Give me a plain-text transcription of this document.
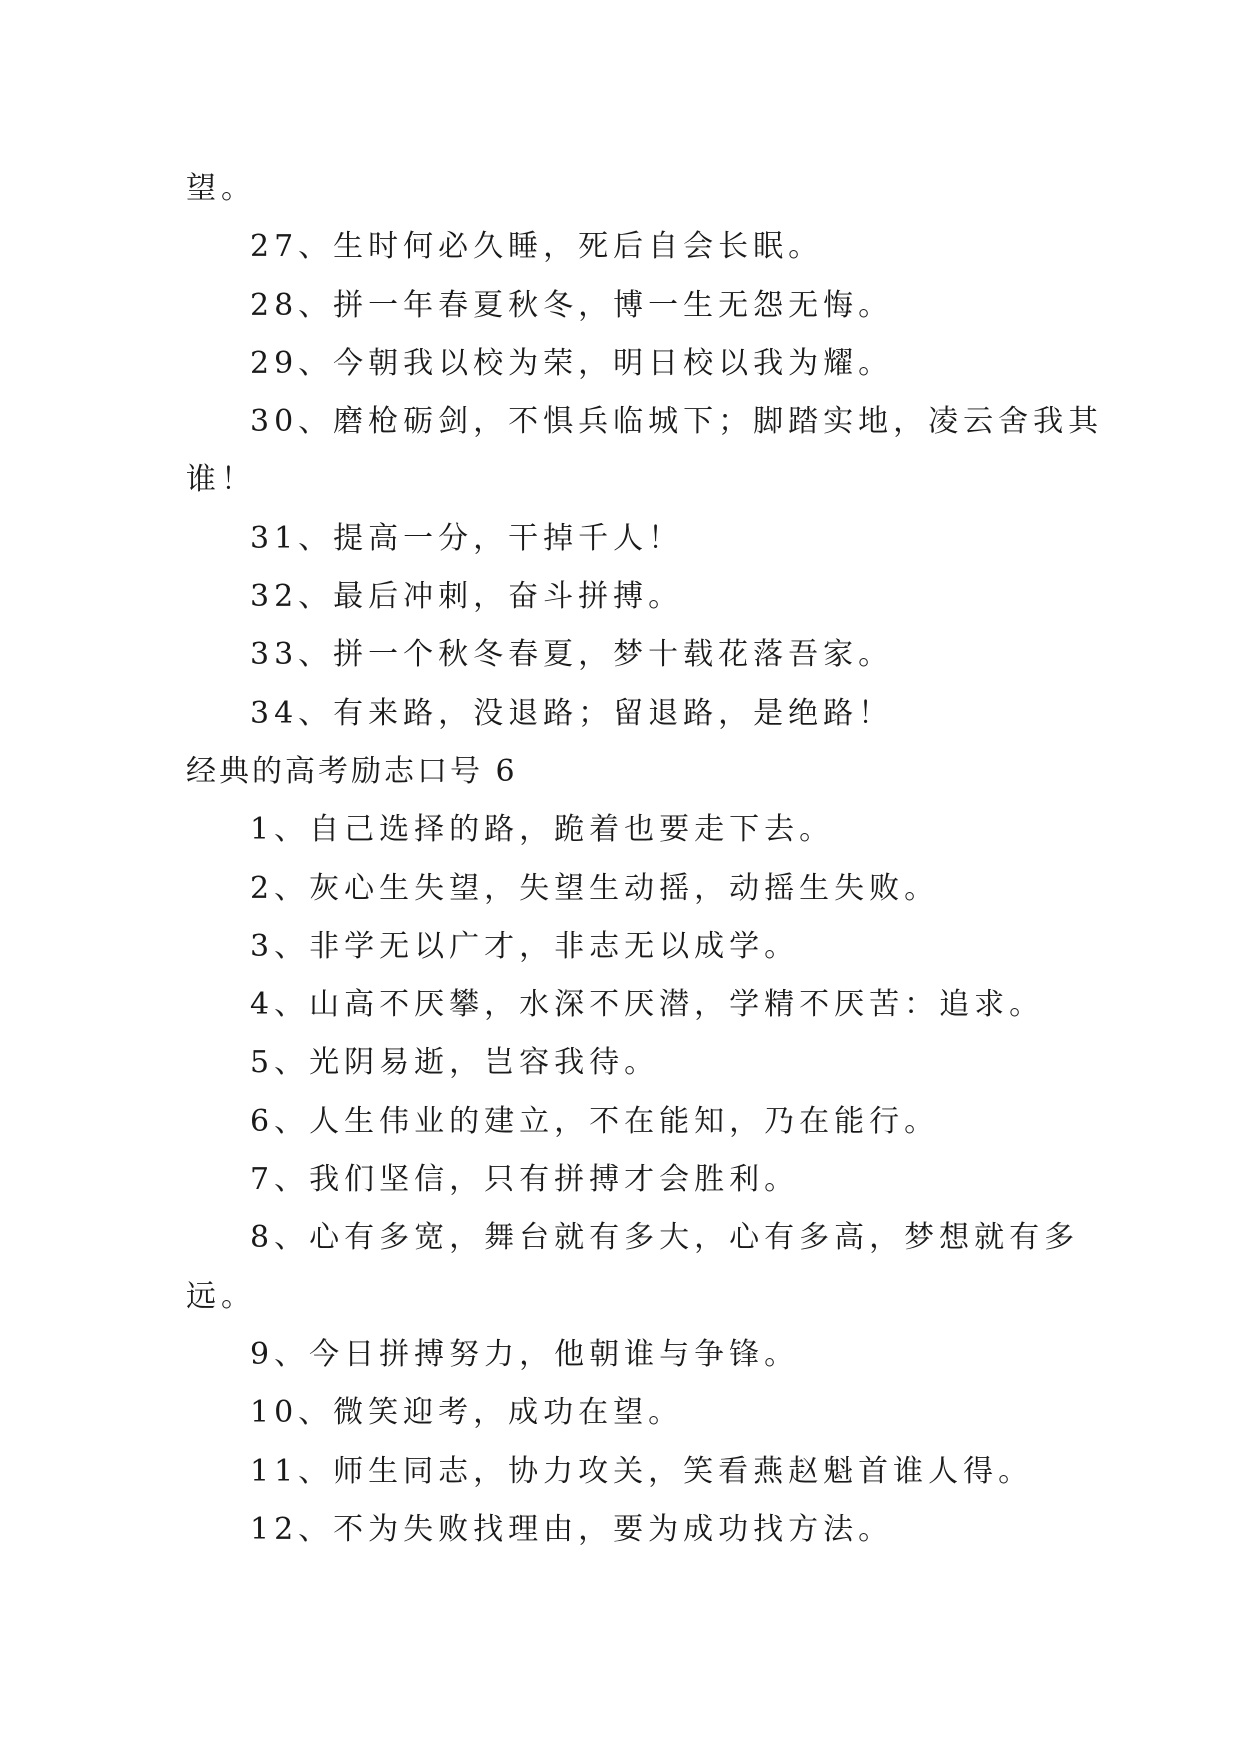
望。
27、生时何必久睡，死后自会长眠。
28、拼一年春夏秋冬，博一生无怨无悔。
29、今朝我以校为荣，明日校以我为耀。
30、磨枪砺剑，不惧兵临城下；脚踏实地，凌云舍我其
谁！
31、提高一分，干掉千人！
32、最后冲刺，奋斗拼搏。
33、拼一个秋冬春夏，梦十载花落吾家。
34、有来路，没退路；留退路，是绝路！
经典的高考励志口号 6
1、自己选择的路，跪着也要走下去。
2、灰心生失望，失望生动摇，动摇生失败。
3、非学无以广才，非志无以成学。
4、山高不厌攀，水深不厌潜，学精不厌苦：追求。
5、光阴易逝，岂容我待。
6、人生伟业的建立，不在能知，乃在能行。
7、我们坚信，只有拼搏才会胜利。
8、心有多宽，舞台就有多大，心有多高，梦想就有多
远。
9、今日拼搏努力，他朝谁与争锋。
10、微笑迎考，成功在望。
11、师生同志，协力攻关，笑看燕赵魁首谁人得。
12、不为失败找理由，要为成功找方法。
